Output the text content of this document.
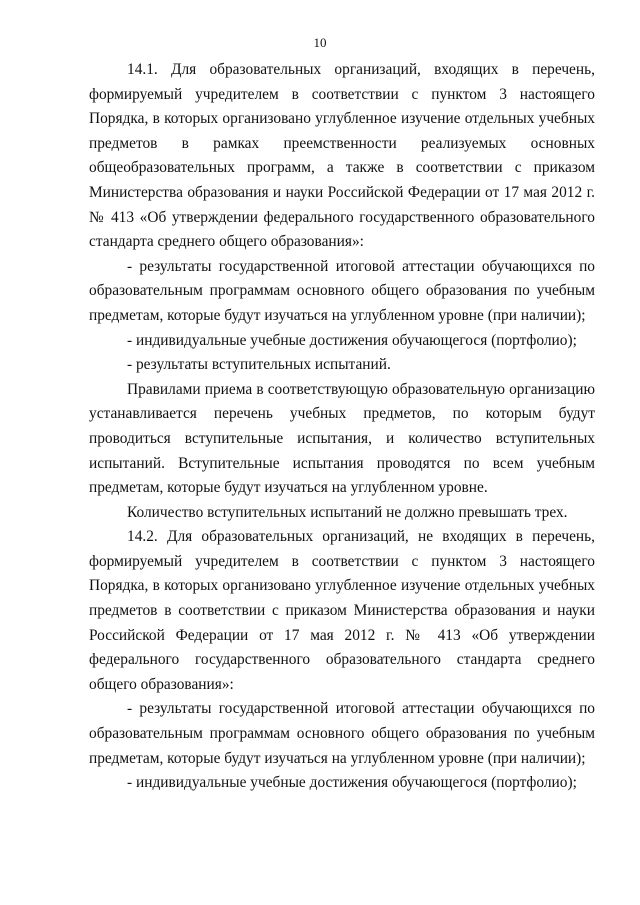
10

14.1. Для образовательных организаций, входящих в перечень, формируемый учредителем в соответствии с пунктом 3 настоящего Порядка, в которых организовано углубленное изучение отдельных учебных предметов в рамках преемственности реализуемых основных общеобразовательных программ, а также в соответствии с приказом Министерства образования и науки Российской Федерации от 17 мая 2012 г. № 413 «Об утверждении федерального государственного образовательного стандарта среднего общего образования»:

- результаты государственной итоговой аттестации обучающихся по образовательным программам основного общего образования по учебным предметам, которые будут изучаться на углубленном уровне (при наличии);

- индивидуальные учебные достижения обучающегося (портфолио);

- результаты вступительных испытаний.

Правилами приема в соответствующую образовательную организацию устанавливается перечень учебных предметов, по которым будут проводиться вступительные испытания, и количество вступительных испытаний. Вступительные испытания проводятся по всем учебным предметам, которые будут изучаться на углубленном уровне.

Количество вступительных испытаний не должно превышать трех.

14.2. Для образовательных организаций, не входящих в перечень, формируемый учредителем в соответствии с пунктом 3 настоящего Порядка, в которых организовано углубленное изучение отдельных учебных предметов в соответствии с приказом Министерства образования и науки Российской Федерации от 17 мая 2012 г. № 413 «Об утверждении федерального государственного образовательного стандарта среднего общего образования»:

- результаты государственной итоговой аттестации обучающихся по образовательным программам основного общего образования по учебным предметам, которые будут изучаться на углубленном уровне (при наличии);

- индивидуальные учебные достижения обучающегося (портфолио);
